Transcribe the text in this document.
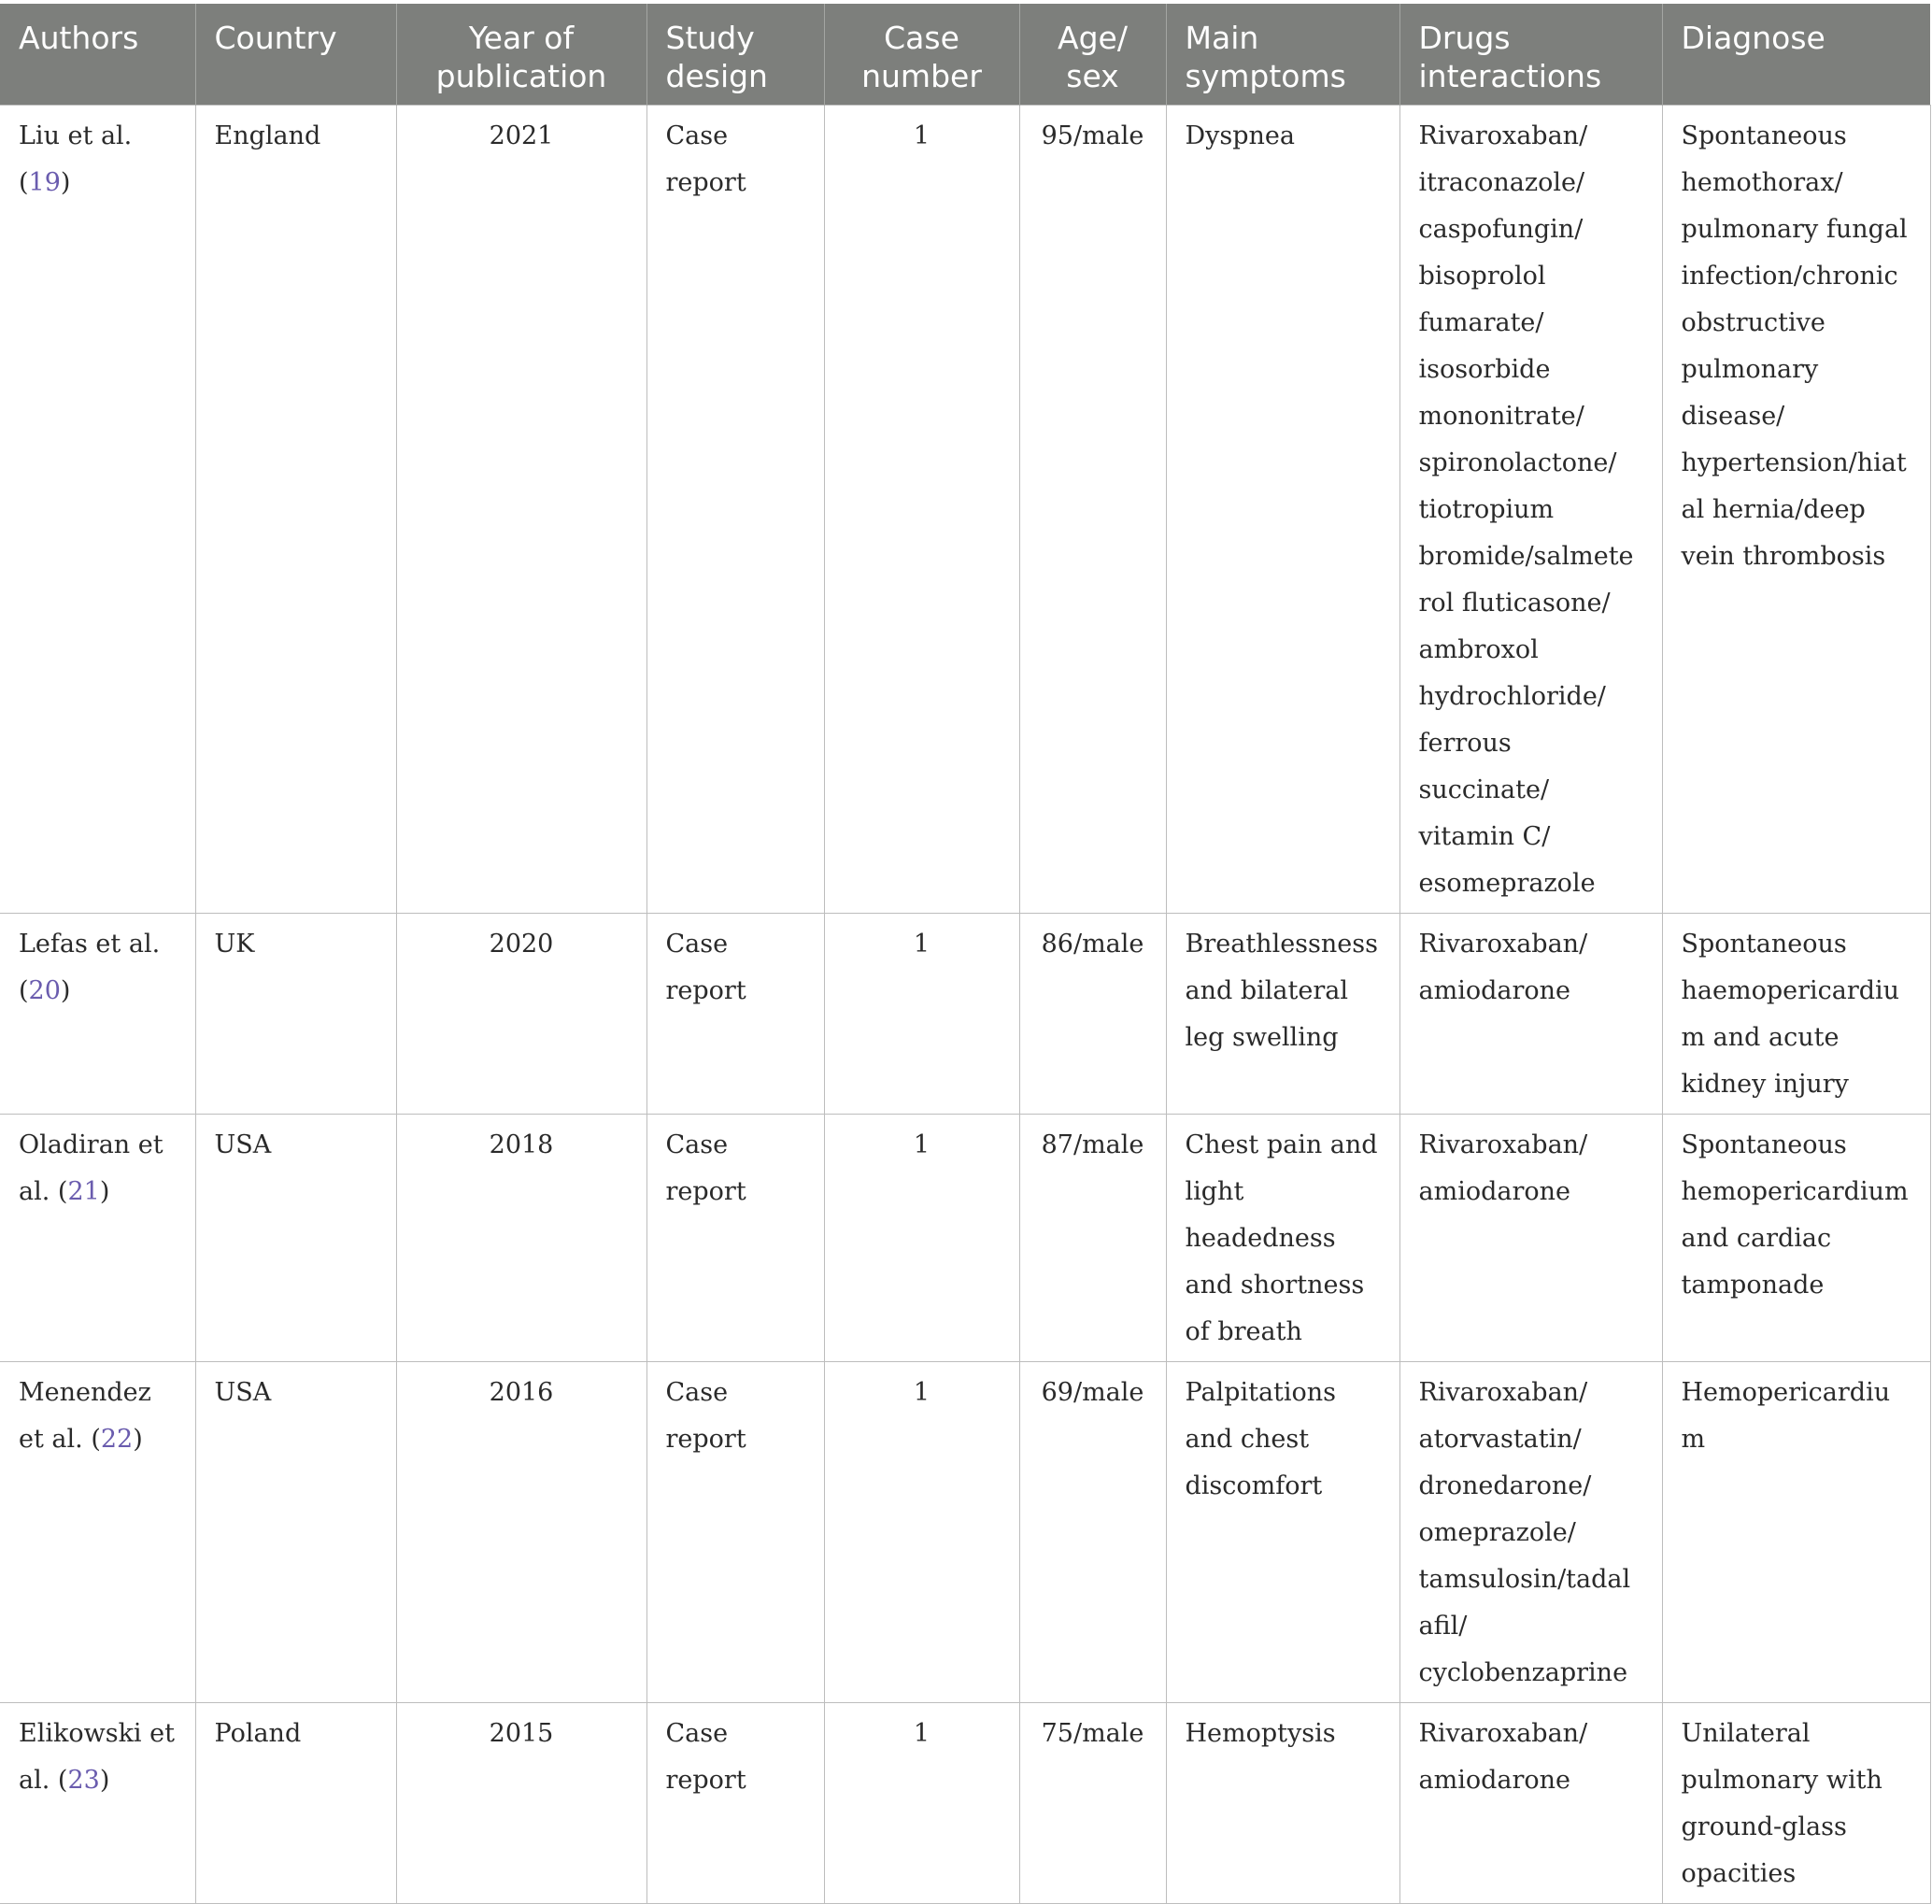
Authors	Country	Year of publication	Study design	Case number	Age/ sex	Main symptoms	Drugs interactions	Diagnose
Liu et al. (19)	England	2021	Case report	1	95/male	Dyspnea	Rivaroxaban/ itraconazole/ caspofungin/ bisoprolol fumarate/ isosorbide mononitrate/ spironolactone/ tiotropium bromide/salmeterol fluticasone/ ambroxol hydrochloride/ ferrous succinate/ vitamin C/ esomeprazole	Spontaneous hemothorax/ pulmonary fungal infection/chronic obstructive pulmonary disease/ hypertension/hiatal hernia/deep vein thrombosis
Lefas et al. (20)	UK	2020	Case report	1	86/male	Breathlessness and bilateral leg swelling	Rivaroxaban/ amiodarone	Spontaneous haemopericardium and acute kidney injury
Oladiran et al. (21)	USA	2018	Case report	1	87/male	Chest pain and light headedness and shortness of breath	Rivaroxaban/ amiodarone	Spontaneous hemopericardium and cardiac tamponade
Menendez et al. (22)	USA	2016	Case report	1	69/male	Palpitations and chest discomfort	Rivaroxaban/ atorvastatin/ dronedarone/ omeprazole/ tamsulosin/tadalafil/ cyclobenzaprine	Hemopericardium
Elikowski et al. (23)	Poland	2015	Case report	1	75/male	Hemoptysis	Rivaroxaban/ amiodarone	Unilateral pulmonary with ground-glass opacities
